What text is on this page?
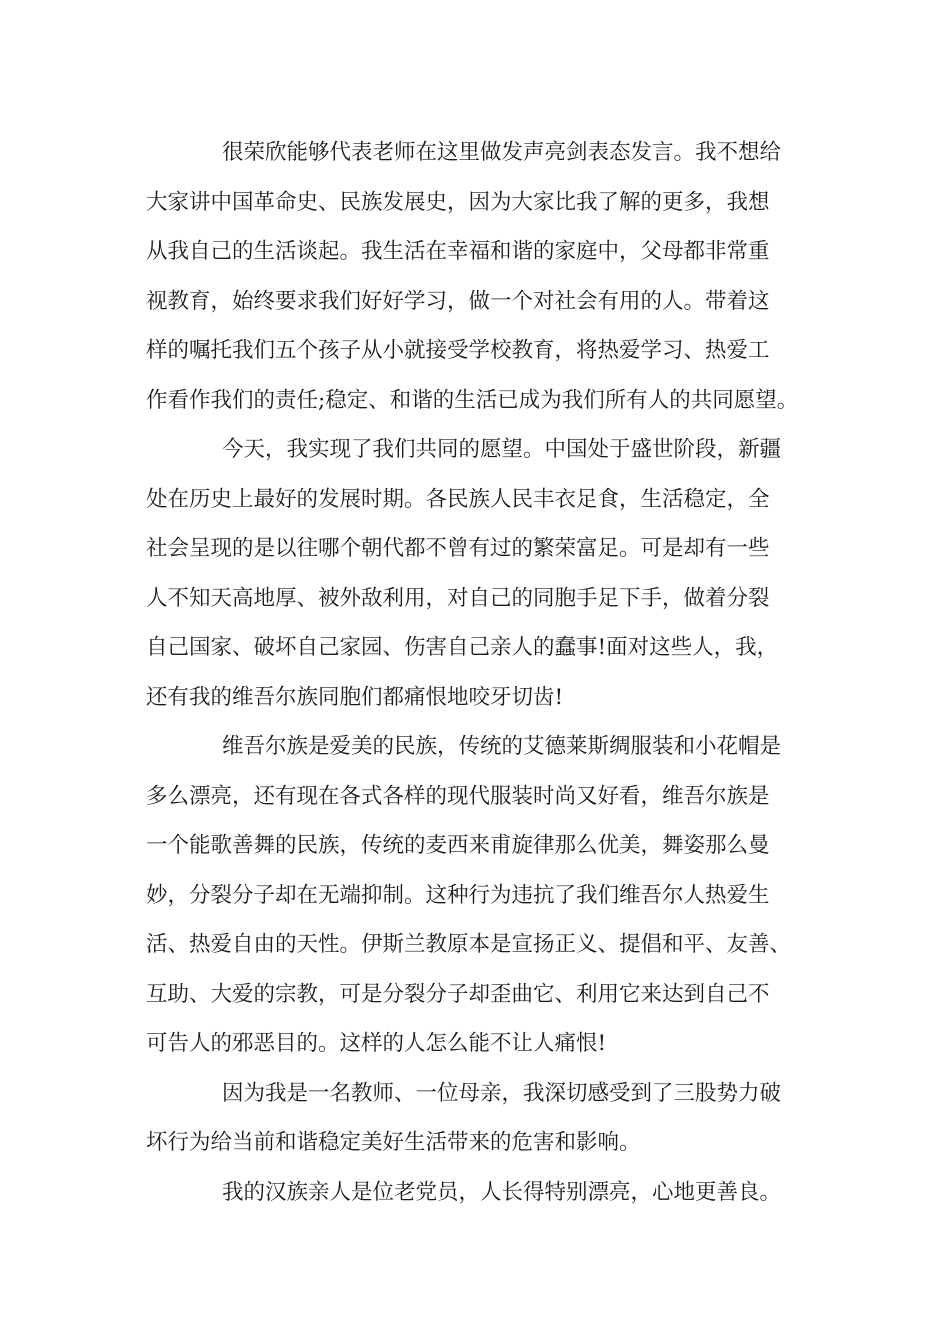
很荣欣能够代表老师在这里做发声亮剑表态发言。我不想给
大家讲中国革命史、民族发展史，因为大家比我了解的更多，我想
从我自己的生活谈起。我生活在幸福和谐的家庭中，父母都非常重
视教育，始终要求我们好好学习，做一个对社会有用的人。带着这
样的嘱托我们五个孩子从小就接受学校教育，将热爱学习、热爱工
作看作我们的责任;稳定、和谐的生活已成为我们所有人的共同愿望。
今天，我实现了我们共同的愿望。中国处于盛世阶段，新疆
处在历史上最好的发展时期。各民族人民丰衣足食，生活稳定，全
社会呈现的是以往哪个朝代都不曾有过的繁荣富足。可是却有一些
人不知天高地厚、被外敌利用，对自己的同胞手足下手，做着分裂
自己国家、破坏自己家园、伤害自己亲人的蠢事!面对这些人，我，
还有我的维吾尔族同胞们都痛恨地咬牙切齿!
维吾尔族是爱美的民族，传统的艾德莱斯绸服装和小花帽是
多么漂亮，还有现在各式各样的现代服装时尚又好看，维吾尔族是
一个能歌善舞的民族，传统的麦西来甫旋律那么优美，舞姿那么曼
妙，分裂分子却在无端抑制。这种行为违抗了我们维吾尔人热爱生
活、热爱自由的天性。伊斯兰教原本是宣扬正义、提倡和平、友善、
互助、大爱的宗教，可是分裂分子却歪曲它、利用它来达到自己不
可告人的邪恶目的。这样的人怎么能不让人痛恨!
因为我是一名教师、一位母亲，我深切感受到了三股势力破
坏行为给当前和谐稳定美好生活带来的危害和影响。
我的汉族亲人是位老党员，人长得特别漂亮，心地更善良。
